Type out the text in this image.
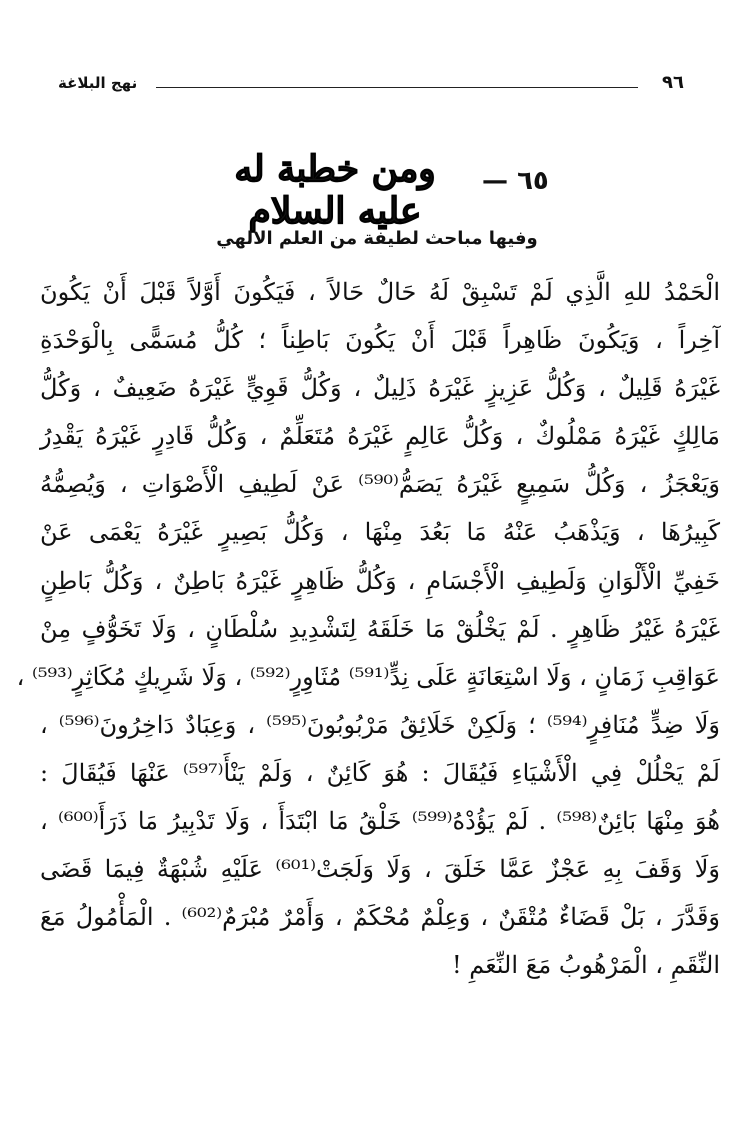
نهج البلاغة	٩٦
٦٥ —
ومن خطبة له عليه السلام
وفيها مباحث لطيفة من العلم الالهي
الْحَمْدُ للهِ الَّذِي لَمْ تَسْبِقْ لَهُ حَالٌ حَالاً ، فَيَكُونَ أَوَّلاً قَبْلَ أَنْ يَكُونَ
آخِراً ، وَيَكُونَ ظَاهِراً قَبْلَ أَنْ يَكُونَ بَاطِناً ؛ كُلُّ مُسَمًّى بِالْوَحْدَةِ
غَيْرَهُ قَلِيلٌ ، وَكُلُّ عَزِيزٍ غَيْرَهُ ذَلِيلٌ ، وَكُلُّ قَوِيٍّ غَيْرَهُ ضَعِيفٌ ، وَكُلُّ
مَالِكٍ غَيْرَهُ مَمْلُوكٌ ، وَكُلُّ عَالِمٍ غَيْرَهُ مُتَعَلِّمٌ ، وَكُلُّ قَادِرٍ غَيْرَهُ يَقْدِرُ
وَيَعْجَزُ ، وَكُلُّ سَمِيعٍ غَيْرَهُ يَصَمُّ⁽⁵⁹⁰⁾ عَنْ لَطِيفِ الْأَصْوَاتِ ، وَيُصِمُّهُ
كَبِيرُهَا ، وَيَذْهَبُ عَنْهُ مَا بَعُدَ مِنْهَا ، وَكُلُّ بَصِيرٍ غَيْرَهُ يَعْمَى عَنْ
خَفِيِّ الْأَلْوَانِ وَلَطِيفِ الْأَجْسَامِ ، وَكُلُّ ظَاهِرٍ غَيْرَهُ بَاطِنٌ ، وَكُلُّ بَاطِنٍ
غَيْرَهُ غَيْرُ ظَاهِرٍ . لَمْ يَخْلُقْ مَا خَلَقَهُ لِتَشْدِيدِ سُلْطَانٍ ، وَلَا تَخَوُّفٍ مِنْ
عَوَاقِبِ زَمَانٍ ، وَلَا اسْتِعَانَةٍ عَلَى نِدٍّ⁽⁵⁹¹⁾ مُثَاوِرٍ⁽⁵⁹²⁾ ، وَلَا شَرِيكٍ مُكَاثِرٍ⁽⁵⁹³⁾ ،
وَلَا ضِدٍّ مُنَافِرٍ⁽⁵⁹⁴⁾ ؛ وَلَكِنْ خَلَائِقُ مَرْبُوبُونَ⁽⁵⁹⁵⁾ ، وَعِبَادٌ دَاخِرُونَ⁽⁵⁹⁶⁾ ،
لَمْ يَحْلُلْ فِي الْأَشْيَاءِ فَيُقَالَ : هُوَ كَائِنٌ ، وَلَمْ يَنْأَ⁽⁵⁹⁷⁾ عَنْهَا فَيُقَالَ :
هُوَ مِنْهَا بَائِنٌ⁽⁵⁹⁸⁾ . لَمْ يَؤُدْهُ⁽⁵⁹⁹⁾ خَلْقُ مَا ابْتَدَأَ ، وَلَا تَدْبِيرُ مَا ذَرَأَ⁽⁶⁰⁰⁾ ،
وَلَا وَقَفَ بِهِ عَجْزٌ عَمَّا خَلَقَ ، وَلَا وَلَجَتْ⁽⁶⁰¹⁾ عَلَيْهِ شُبْهَةٌ فِيمَا قَضَى
وَقَدَّرَ ، بَلْ قَضَاءٌ مُتْقَنٌ ، وَعِلْمٌ مُحْكَمٌ ، وَأَمْرٌ مُبْرَمٌ⁽⁶⁰²⁾ . الْمَأْمُولُ مَعَ
النِّقَمِ ، الْمَرْهُوبُ مَعَ النِّعَمِ !
